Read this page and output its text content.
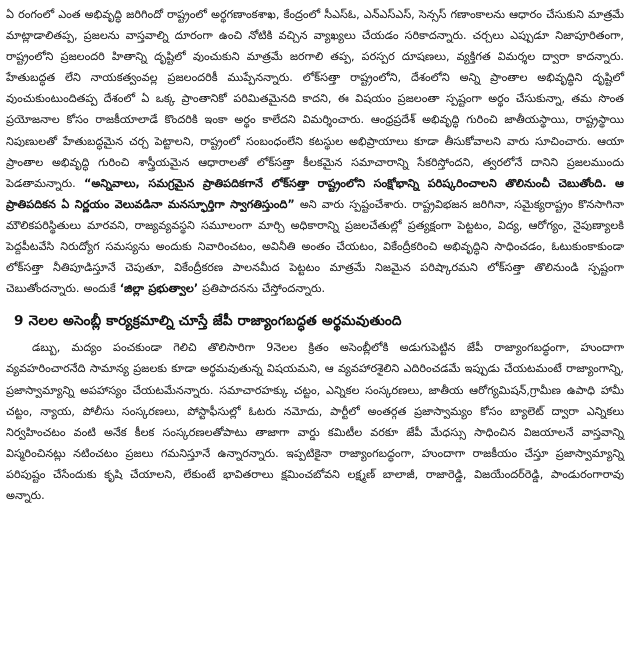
ఏ రంగంలో ఎంత అభివృద్ధి జరిగిందో రాష్ట్రంలో అర్థగణాంకశాఖ, కేంద్రంలో సీఎస్ఓ, ఎన్ఎస్ఎస్, సెన్సస్ గణాంకాలను ఆధారం చేసుకుని మాత్రమే మాట్లాడాలితప్ప, ప్రజలను వాస్తవాల్ని దూరంగా ఉంచి నోటికి వచ్చిన వ్యాఖ్యలు చేయడం సరికాదన్నారు. చర్చలు ఎప్పుడూ నిజాపూరితంగా, రాష్ట్రంలోని ప్రజలందరి హితాన్ని దృష్టిలో వుంచుకుని మాత్రమే జరగాలి తప్ప, పరస్పర దూషణలు, వ్యక్తిగత విమర్శల ద్వారా కాదన్నారు. హేతుబద్ధత లేని నాయకత్వంవల్ల ప్రజలందరికీ ముప్పేనన్నారు. లోక్‌సత్తా రాష్ట్రంలోని, దేశంలోని అన్ని ప్రాంతాల అభివృద్ధిని దృష్టిలో వుంచుకుంటుందితప్ప దేశంలో ఏ ఒక్క ప్రాంతానికో పరిమితమైనది కాదని, ఈ విషయం ప్రజలంతా స్పష్టంగా అర్థం చేసుకున్నా, తమ సొంత ప్రయోజనాల కోసం రాజకీయాలాడే కొందరికి ఇంకా అర్థం కాలేదని విమర్శించారు. ఆంధ్రప్రదేశ్ అభివృద్ధి గురించి జాతీయస్థాయి, రాష్ట్రస్థాయి నిపుణులతో హేతుబద్ధమైన చర్చ పెట్టాలని, రాష్ట్రంలో సంబంధంలేని కటస్థుల అభిప్రాయాలు కూడా తీసుకోవాలని వారు సూచించారు. ఆయా ప్రాంతాల అభివృద్ధి గురించి శాస్త్రీయమైన ఆధారాలతో లోక్‌సత్తా కీలకమైన సమాచారాన్ని సేకరిస్తోందని, త్వరలోనే దానిని ప్రజలముందు పెడతామన్నారు. “అన్నివాలు, సమగ్రమైన ప్రాతిపదికగానే లోక్‌సత్తా రాష్ట్రంలోని సంక్షోభాన్ని పరిష్కరించాలని తొలినుంచీ చెబుతోంది. ఆ ప్రాతిపదికన ఏ నిర్ణయం వెలువడినా మనస్ఫూర్తిగా స్వాగతిస్తుంది” అని వారు స్పష్టంచేశారు. రాష్ట్రవిభజన జరిగినా, సమైక్యరాష్ట్రం కొనసాగినా మౌలికపరిస్థితులు మారవని, రాజ్యవ్యవస్థని సమూలంగా మార్చి అధికారాన్ని ప్రజలచేతుల్లో ప్రత్యక్షంగా పెట్టటం, విద్య, ఆరోగ్యం, నైపుణ్యాలకి పెద్దపీటవేసి నిరుద్యోగ సమస్యను అందుకు నివారించటం, అవినీతి అంతం చేయటం, వికేంద్రీకరించి అభివృద్ధిని సాధించడం, ఓటుకుంకాకుండా లోక్‌సత్తా నీతిపూడిస్తూనే చెపుతూ, వికేంద్రీకరణ పాలనమీద పెట్టటం మాత్రమే నిజమైన పరిష్కారమని లోక్‌సత్తా తొలినుండి స్పష్టంగా చెబుతోందన్నారు. అందుకే ‘జిల్లా ప్రభుత్వాల’ ప్రతిపాదనను చేస్తోందన్నారు.

9 నెలల అసెంబ్లీ కార్యక్రమాల్ని చూస్తే జేపీ రాజ్యాంగబద్ధత అర్థమవుతుంది

డబ్బు, మద్యం పంచకుండా గెలిచి తొలిసారిగా 9నెలల క్రితం అసెంబ్లీలోకి అడుగుపెట్టిన జేపీ రాజ్యాంగబద్ధంగా, హుందాగా వ్యవహరించారనేది సామాన్య ప్రజలకు కూడా అర్థమవుతున్న విషయమని, ఆ వ్యవహారశైలిని ఎదిరించడమే ఇప్పుడు చేయటమంటే రాజ్యాంగాన్ని, ప్రజాస్వామ్యాన్ని అపహాస్యం చేయటమేనన్నారు. సమాచారహక్కు చట్టం, ఎన్నికల సంస్కరణలు, జాతీయ ఆరోగ్యమిషన్,గ్రామీణ ఉపాధి హామీ చట్టం, న్యాయ, పోలీసు సంస్కరణలు, పోస్టాఫీసుల్లో ఓటరు నమోదు, పార్టీలో అంతర్గత ప్రజాస్వామ్యం కోసం బ్యాలెట్ ద్వారా ఎన్నికలు నిర్వహించటం వంటి అనేక కీలక సంస్కరణలతోపాటు తాజాగా వార్డు కమిటీల వరకూ జేపీ మేధస్సు సాధించిన విజయాలనే వాస్తవాన్ని విస్మరించినట్లు నటించటం ప్రజలు గమనిస్తూనే ఉన్నారన్నారు. ఇప్పటికైనా రాజ్యాంగబద్ధంగా, హుందాగా రాజకీయం చేస్తూ ప్రజాస్వామ్యాన్ని పరిపుష్టం చేసేందుకు కృషి చేయాలని, లేకుంటే భావితరాలు క్షమించబోవని లక్ష్మణ్ బాలాజీ, రాజారెడ్డి, విజయేందర్‌రెడ్డి, పాండురంగారావు అన్నారు.
